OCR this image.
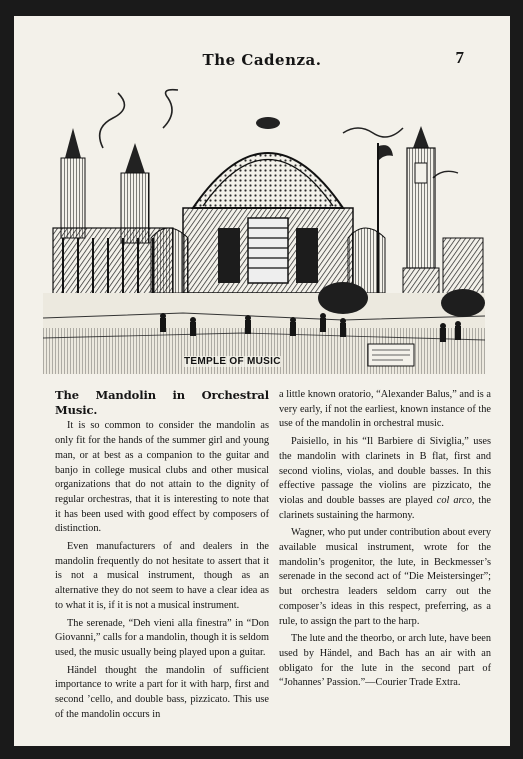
The Cadenza.	7
TEMPLE OF MUSIC
The Mandolin in Orchestral Music.

It is so common to consider the mandolin as only fit for the hands of the summer girl and young man, or at best as a companion to the guitar and banjo in college musical clubs and other musical organizations that do not attain to the dignity of regular orchestras, that it is interesting to note that it has been used with good effect by composers of distinction.

Even manufacturers of and dealers in the mandolin frequently do not hesitate to assert that it is not a musical instrument, though as an alternative they do not seem to have a clear idea as to what it is, if it is not a musical instrument.

The serenade, “Deh vieni alla finestra” in “Don Giovanni,” calls for a mandolin, though it is seldom used, the music usually being played upon a guitar.

Händel thought the mandolin of sufficient importance to write a part for it with harp, first and second ’cello, and double bass, pizzicato. This use of the mandolin occurs in

a little known oratorio, “Alexander Balus,” and is a very early, if not the earliest, known instance of the use of the mandolin in orchestral music.

Paisiello, in his “Il Barbiere di Siviglia,” uses the mandolin with clarinets in B flat, first and second violins, violas, and double basses. In this effective passage the violins are pizzicato, the violas and double basses are played col arco, the clarinets sustaining the harmony.

Wagner, who put under contribution about every available musical instrument, wrote for the mandolin’s progenitor, the lute, in Beckmesser’s serenade in the second act of “Die Meistersinger”; but orchestra leaders seldom carry out the composer’s ideas in this respect, preferring, as a rule, to assign the part to the harp.

The lute and the theorbo, or arch lute, have been used by Händel, and Bach has an air with an obligato for the lute in the second part of “Johannes’ Passion.”—Courier Trade Extra.
